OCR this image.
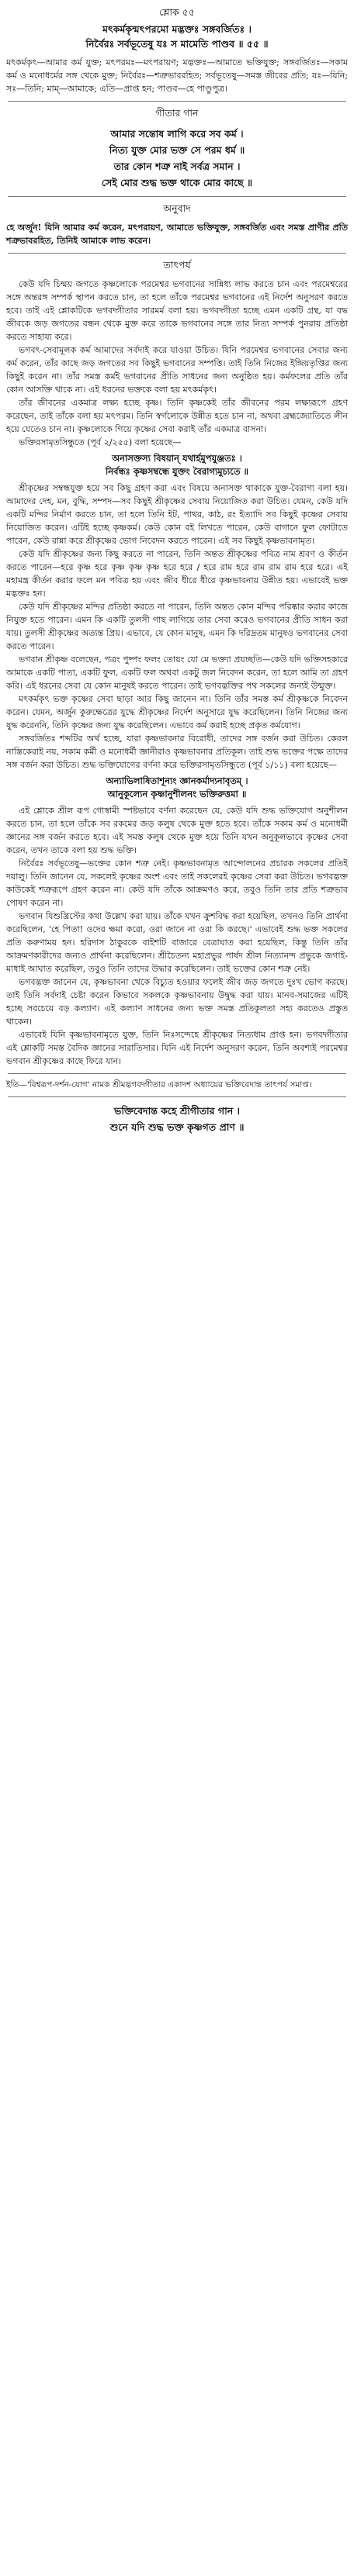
শ্লোক ৫৫
মৎকর্মকৃন্মৎপরমো মদ্ভক্তঃ সঙ্গবর্জিতঃ ।
নির্বৈরঃ সর্বভূতেষু যঃ স মামেতি পাণ্ডব ॥ ৫৫ ॥
মৎকর্মকৃৎ—আমার কর্ম যুক্ত; মৎপরমঃ—মৎপরায়ণ; মদ্ভক্তঃ—আমাতে ভক্তিযুক্ত; সঙ্গবর্জিতঃ—সকাম কর্ম ও মনোধর্মের সঙ্গ থেকে মুক্ত; নির্বৈরঃ—শত্রুভাবরহিত; সর্বভূতেষু—সমস্ত জীবের প্রতি; যঃ—যিনি; সঃ—তিনি; মাম্—আমাকে; এতি—প্রাপ্ত হন; পাণ্ডব—হে পাণ্ডুপুত্র।
গীতার গান
আমার সন্তোষ লাগি করে সব কর্ম ।
নিত্য যুক্ত মোর ভক্ত সে পরম ধর্ম ॥
তার কোন শত্রু নাই সর্বত্র সমান ।
সেই মোর শুদ্ধ ভক্ত থাকে মোর কাছে ॥
অনুবাদ
হে অর্জুন! যিনি আমার কর্ম করেন, মৎপরায়ণ, আমাতে ভক্তিযুক্ত, সঙ্গবর্জিত এবং সমস্ত প্রাণীর প্রতি শত্রুভাবরহিত, তিনিই আমাকে লাভ করেন।
তাৎপর্য

কেউ যদি চিন্ময় জগতে কৃষ্ণলোকে পরমেশ্বর ভগবানের সান্নিধ্য লাভ করতে চান এবং পরমেশ্বরের সঙ্গে অন্তরঙ্গ সম্পর্ক স্থাপন করতে চান, তা হলে তাঁকে পরমেশ্বর ভগবানের এই নির্দেশ অনুসরণ করতে হবে। তাই এই শ্লোকটিকে ভগবদ্গীতার সারমর্ম বলা হয়। ভগবদ্গীতা হচ্ছে এমন একটি গ্রন্থ, যা বদ্ধ জীবকে জড় জগতের বন্ধন থেকে মুক্ত করে তাকে ভগবানের সঙ্গে তার নিত্য সম্পর্ক পুনরায় প্রতিষ্ঠা করতে সাহায্য করে।

ভগবৎ-সেবামূলক কর্ম আমাদের সর্বদাই করে যাওয়া উচিত। যিনি পরমেশ্বর ভগবানের সেবার জন্য কর্ম করেন, তাঁর কাছে জড় জগতের সব কিছুই ভগবানের সম্পত্তি। তাই তিনি নিজের ইন্দ্রিয়তৃপ্তির জন্য কিছুই করেন না। তাঁর সমস্ত কর্মই ভগবানের প্রীতি সাধনের জন্য অনুষ্ঠিত হয়। কর্মফলের প্রতি তাঁর কোন আসক্তি থাকে না। এই ধরনের ভক্তকে বলা হয় মৎকর্মকৃৎ।

তাঁর জীবনের একমাত্র লক্ষ্য হচ্ছে কৃষ্ণ। তিনি কৃষ্ণকেই তাঁর জীবনের পরম লক্ষ্যরূপে গ্রহণ করেছেন, তাই তাঁকে বলা হয় মৎপরম। তিনি স্বর্গলোকে উন্নীত হতে চান না, অথবা ব্রহ্মজ্যোতিতে লীন হয়ে যেতেও চান না। কৃষ্ণলোকে গিয়ে কৃষ্ণের সেবা করাই তাঁর একমাত্র বাসনা।

ভক্তিরসামৃতসিন্ধুতে (পূর্ব ২/২৫৫) বলা হয়েছে—

অনাসক্তস্য বিষয়ান্ যথার্হমুপযুঞ্জতঃ ।
নির্বন্ধঃ কৃষ্ণসম্বন্ধে যুক্তং বৈরাগ্যমুচ্যতে ॥

শ্রীকৃষ্ণের সম্বন্ধযুক্ত হয়ে সব কিছু গ্রহণ করা এবং বিষয়ে অনাসক্ত থাকাকে যুক্ত-বৈরাগ্য বলা হয়। আমাদের দেহ, মন, বুদ্ধি, সম্পদ—সব কিছুই শ্রীকৃষ্ণের সেবায় নিয়োজিত করা উচিত। যেমন, কেউ যদি একটি মন্দির নির্মাণ করতে চান, তা হলে তিনি ইট, পাথর, কাঠ, রং ইত্যাদি সব কিছুই কৃষ্ণের সেবায় নিয়োজিত করেন। এটিই হচ্ছে কৃষ্ণকর্ম। কেউ কোন বই লিখতে পারেন, কেউ বাগানে ফুল ফোটাতে পারেন, কেউ রান্না করে শ্রীকৃষ্ণের ভোগ নিবেদন করতে পারেন। এই সব কিছুই কৃষ্ণভাবনামৃত।

কেউ যদি শ্রীকৃষ্ণের জন্য কিছু করতে না পারেন, তিনি অন্তত শ্রীকৃষ্ণের পবিত্র নাম শ্রবণ ও কীর্তন করতে পারেন—হরে কৃষ্ণ হরে কৃষ্ণ কৃষ্ণ কৃষ্ণ হরে হরে / হরে রাম হরে রাম রাম রাম হরে হরে। এই মহামন্ত্র কীর্তন করার ফলে মন পবিত্র হয় এবং জীব ধীরে ধীরে কৃষ্ণভাবনায় উন্নীত হয়। এভাবেই ভক্ত মদ্ভক্তঃ হন।

কেউ যদি শ্রীকৃষ্ণের মন্দির প্রতিষ্ঠা করতে না পারেন, তিনি অন্তত কোন মন্দির পরিষ্কার করার কাজে নিযুক্ত হতে পারেন। এমন কি একটি তুলসী গাছ লাগিয়ে তার সেবা করেও ভগবানের প্রীতি সাধন করা যায়। তুলসী শ্রীকৃষ্ণের অত্যন্ত প্রিয়। এভাবে, যে কোন মানুষ, এমন কি দরিদ্রতম মানুষও ভগবানের সেবা করতে পারেন।

ভগবান শ্রীকৃষ্ণ বলেছেন, পত্রং পুষ্পং ফলং তোয়ং যো মে ভক্ত্যা প্রযচ্ছতি—কেউ যদি ভক্তিসহকারে আমাকে একটি পাতা, একটি ফুল, একটি ফল অথবা একটু জল নিবেদন করেন, তা হলে আমি তা গ্রহণ করি। এই ধরনের সেবা যে কোন মানুষই করতে পারেন। তাই ভগবদ্ভক্তির পথ সকলের জন্যই উন্মুক্ত।

মৎকর্মকৃৎ ভক্ত কৃষ্ণের সেবা ছাড়া আর কিছু জানেন না। তিনি তাঁর সমস্ত কর্ম শ্রীকৃষ্ণকে নিবেদন করেন। যেমন, অর্জুন কুরুক্ষেত্রের যুদ্ধে শ্রীকৃষ্ণের নির্দেশ অনুসারে যুদ্ধ করেছিলেন। তিনি নিজের জন্য যুদ্ধ করেননি, তিনি কৃষ্ণের জন্য যুদ্ধ করেছিলেন। এভাবে কর্ম করাই হচ্ছে প্রকৃত কর্মযোগ।

সঙ্গবর্জিতঃ শব্দটির অর্থ হচ্ছে, যারা কৃষ্ণভাবনার বিরোধী, তাদের সঙ্গ বর্জন করা উচিত। কেবল নাস্তিকেরাই নয়, সকাম কর্মী ও মনোধর্মী জ্ঞানীরাও কৃষ্ণভাবনার প্রতিকূল। তাই শুদ্ধ ভক্তের পক্ষে তাদের সঙ্গ বর্জন করা উচিত। শুদ্ধ ভক্তিযোগের বর্ণনা করে ভক্তিরসামৃতসিন্ধুতে (পূর্ব ১/১১) বলা হয়েছে—

অন্যাভিলাষিতাশূন্যং জ্ঞানকর্মাদ্যনাবৃতম্ ।
আনুকূল্যেন কৃষ্ণানুশীলনং ভক্তিরুত্তমা ॥

এই শ্লোকে শ্রীল রূপ গোস্বামী স্পষ্টভাবে বর্ণনা করেছেন যে, কেউ যদি শুদ্ধ ভক্তিযোগ অনুশীলন করতে চান, তা হলে তাঁকে সব রকমের জড় কলুষ থেকে মুক্ত হতে হবে। তাঁকে সকাম কর্ম ও মনোধর্মী জ্ঞানের সঙ্গ বর্জন করতে হবে। এই সমস্ত কলুষ থেকে মুক্ত হয়ে তিনি যখন অনুকূলভাবে কৃষ্ণের সেবা করেন, তখন তাকে বলা হয় শুদ্ধ ভক্তি।

নির্বৈরঃ সর্বভূতেষু—ভক্তের কোন শত্রু নেই। কৃষ্ণভাবনামৃত আন্দোলনের প্রচারক সকলের প্রতিই দয়ালু। তিনি জানেন যে, সকলেই কৃষ্ণের অংশ এবং তাই সকলেরই কৃষ্ণের সেবা করা উচিত। ভগবদ্ভক্ত কাউকেই শত্রুরূপে গ্রহণ করেন না। কেউ যদি তাঁকে আক্রমণও করে, তবুও তিনি তার প্রতি শত্রুভাব পোষণ করেন না।

ভগবান যিশুখ্রিস্টের কথা উল্লেখ করা যায়। তাঁকে যখন ক্রুশবিদ্ধ করা হয়েছিল, তখনও তিনি প্রার্থনা করেছিলেন, 'হে পিতা! ওদের ক্ষমা করো, ওরা জানে না ওরা কি করছে।' এভাবেই শুদ্ধ ভক্ত সকলের প্রতি করুণাময় হন। হরিদাস ঠাকুরকে বাইশটি বাজারে বেত্রাঘাত করা হয়েছিল, কিন্তু তিনি তাঁর আক্রমণকারীদের জন্যও প্রার্থনা করেছিলেন। শ্রীচৈতন্য মহাপ্রভুর পার্ষদ শ্রীল নিত্যানন্দ প্রভুকে জগাই-মাধাই আঘাত করেছিল, তবুও তিনি তাদের উদ্ধার করেছিলেন। তাই ভক্তের কোন শত্রু নেই।

ভগবদ্ভক্ত জানেন যে, কৃষ্ণভাবনা থেকে বিচ্যুত হওয়ার ফলেই জীব জড় জগতে দুঃখ ভোগ করছে। তাই তিনি সর্বদাই চেষ্টা করেন কিভাবে সকলকে কৃষ্ণভাবনায় উদ্বুদ্ধ করা যায়। মানব-সমাজের এটিই হচ্ছে সবচেয়ে বড় কল্যাণ। এই কল্যাণ সাধনের জন্য ভক্ত সমস্ত প্রতিকূলতা সহ্য করতেও প্রস্তুত থাকেন।

এভাবেই যিনি কৃষ্ণভাবনামৃতে যুক্ত, তিনি নিঃসন্দেহে শ্রীকৃষ্ণের নিত্যধাম প্রাপ্ত হন। ভগবদ্গীতার এই শ্লোকটি সমস্ত বৈদিক জ্ঞানের সারাতিসার। যিনি এই নির্দেশ অনুসরণ করেন, তিনি অবশ্যই পরমেশ্বর ভগবান শ্রীকৃষ্ণের কাছে ফিরে যান।

ইতি—'বিশ্বরূপ-দর্শন-যোগ' নামক শ্রীমদ্ভগবদ্গীতার একাদশ অধ্যায়ের ভক্তিবেদান্ত তাৎপর্য সমাপ্ত।
ভক্তিবেদান্ত কহে শ্রীগীতার গান ।
শুনে যদি শুদ্ধ ভক্ত কৃষ্ণগত প্রাণ ॥
